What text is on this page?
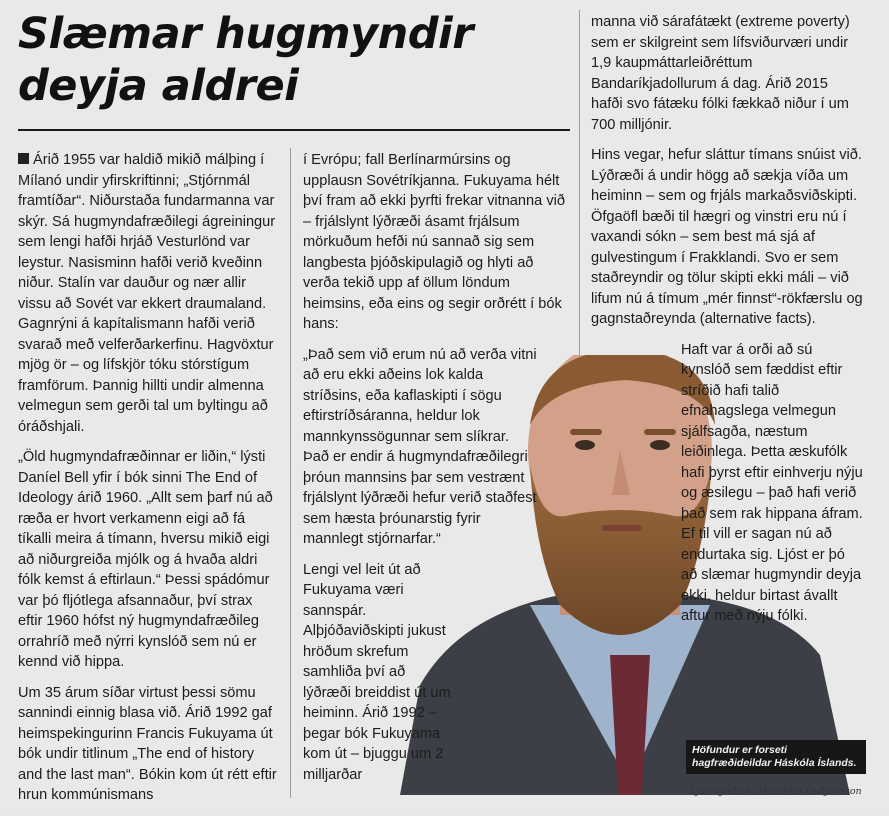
Slæmar hugmyndir
deyja aldrei

Árið 1955 var haldið mikið málþing í Mílanó undir yfirskriftinni; „Stjórnmál framtíðar“. Niðurstaða fundarmanna var skýr. Sá hugmyndafræðilegi ágreiningur sem lengi hafði hrjáð Vesturlönd var leystur. Nasisminn hafði verið kveðinn niður. Stalín var dauður og nær allir vissu að Sovét var ekkert draumaland. Gagnrýni á kapítalismann hafði verið svarað með velferðarkerfinu. Hagvöxtur mjög ör – og lífskjör tóku stórstígum framförum. Þannig hillti undir almenna velmegun sem gerði tal um byltingu að óráðshjali.

„Öld hugmyndafræðinnar er liðin,“ lýsti Daníel Bell yfir í bók sinni The End of Ideology árið 1960. „Allt sem þarf nú að ræða er hvort verkamenn eigi að fá tíkalli meira á tímann, hversu mikið eigi að niðurgreiða mjólk og á hvaða aldri fólk kemst á eftirlaun.“ Þessi spádómur var þó fljótlega afsannaður, því strax eftir 1960 hófst ný hugmyndafræðileg orrahríð með nýrri kynslóð sem nú er kennd við hippa.

Um 35 árum síðar virtust þessi sömu sannindi einnig blasa við. Árið 1992 gaf heimspekingurinn Francis Fukuyama út bók undir titlinum „The end of history and the last man“. Bókin kom út rétt eftir hrun kommúnismans

í Evrópu; fall Berlínarmúrsins og upplausn Sovétríkjanna. Fukuyama hélt því fram að ekki þyrfti frekar vitnanna við – frjálslynt lýðræði ásamt frjálsum mörkuðum hefði nú sannað sig sem langbesta þjóðskipulagið og hlyti að verða tekið upp af öllum löndum heimsins, eða eins og segir orðrétt í bók hans:

„Það sem við erum nú að verða vitni að eru ekki aðeins lok kalda stríðsins, eða kaflaskipti í sögu eftirstríðsáranna, heldur lok mannkynssögunnar sem slíkrar. Það er endir á hugmyndafræðilegri þróun mannsins þar sem vestrænt frjálslynt lýðræði hefur verið staðfest sem hæsta þróunarstig fyrir mannlegt stjórnarfar.“

Lengi vel leit út að Fukuyama væri sannspár. Alþjóðaviðskipti jukust hröðum skrefum samhliða því að lýðræði breiddist út um heiminn. Árið 1992 – þegar bók Fukuyama kom út – bjuggu um 2 milljarðar

manna við sárafátækt (extreme poverty) sem er skilgreint sem lífsviðurværi undir 1,9 kaupmáttarleiðréttum Bandaríkjadollurum á dag. Árið 2015 hafði svo fátæku fólki fækkað niður í um 700 milljónir.

Hins vegar, hefur sláttur tímans snúist við. Lýðræði á undir högg að sækja víða um heiminn – sem og frjáls markaðsviðskipti. Öfgaöfl bæði til hægri og vinstri eru nú í vaxandi sókn – sem best má sjá af gulvestingum í Frakklandi. Svo er sem staðreyndir og tölur skipti ekki máli – við lifum nú á tímum „mér finnst“-rökfærslu og gagnstaðreynda (alternative facts).

Haft var á orði að sú kynslóð sem fæddist eftir stríðið hafi talið efnahagslega velmegun sjálfsagða, næstum leiðinlega. Þetta æskufólk hafi þyrst eftir einhverju nýju og æsilegu – það hafi verið það sem rak hippana áfram. Ef til vill er sagan nú að endurtaka sig. Ljóst er þó að slæmar hugmyndir deyja ekki, heldur birtast ávallt aftur með nýju fólki.

Höfundur er forseti hagfræðideildar Háskóla Íslands.
Ljósmyndari / Haraldur Guðjónsson
